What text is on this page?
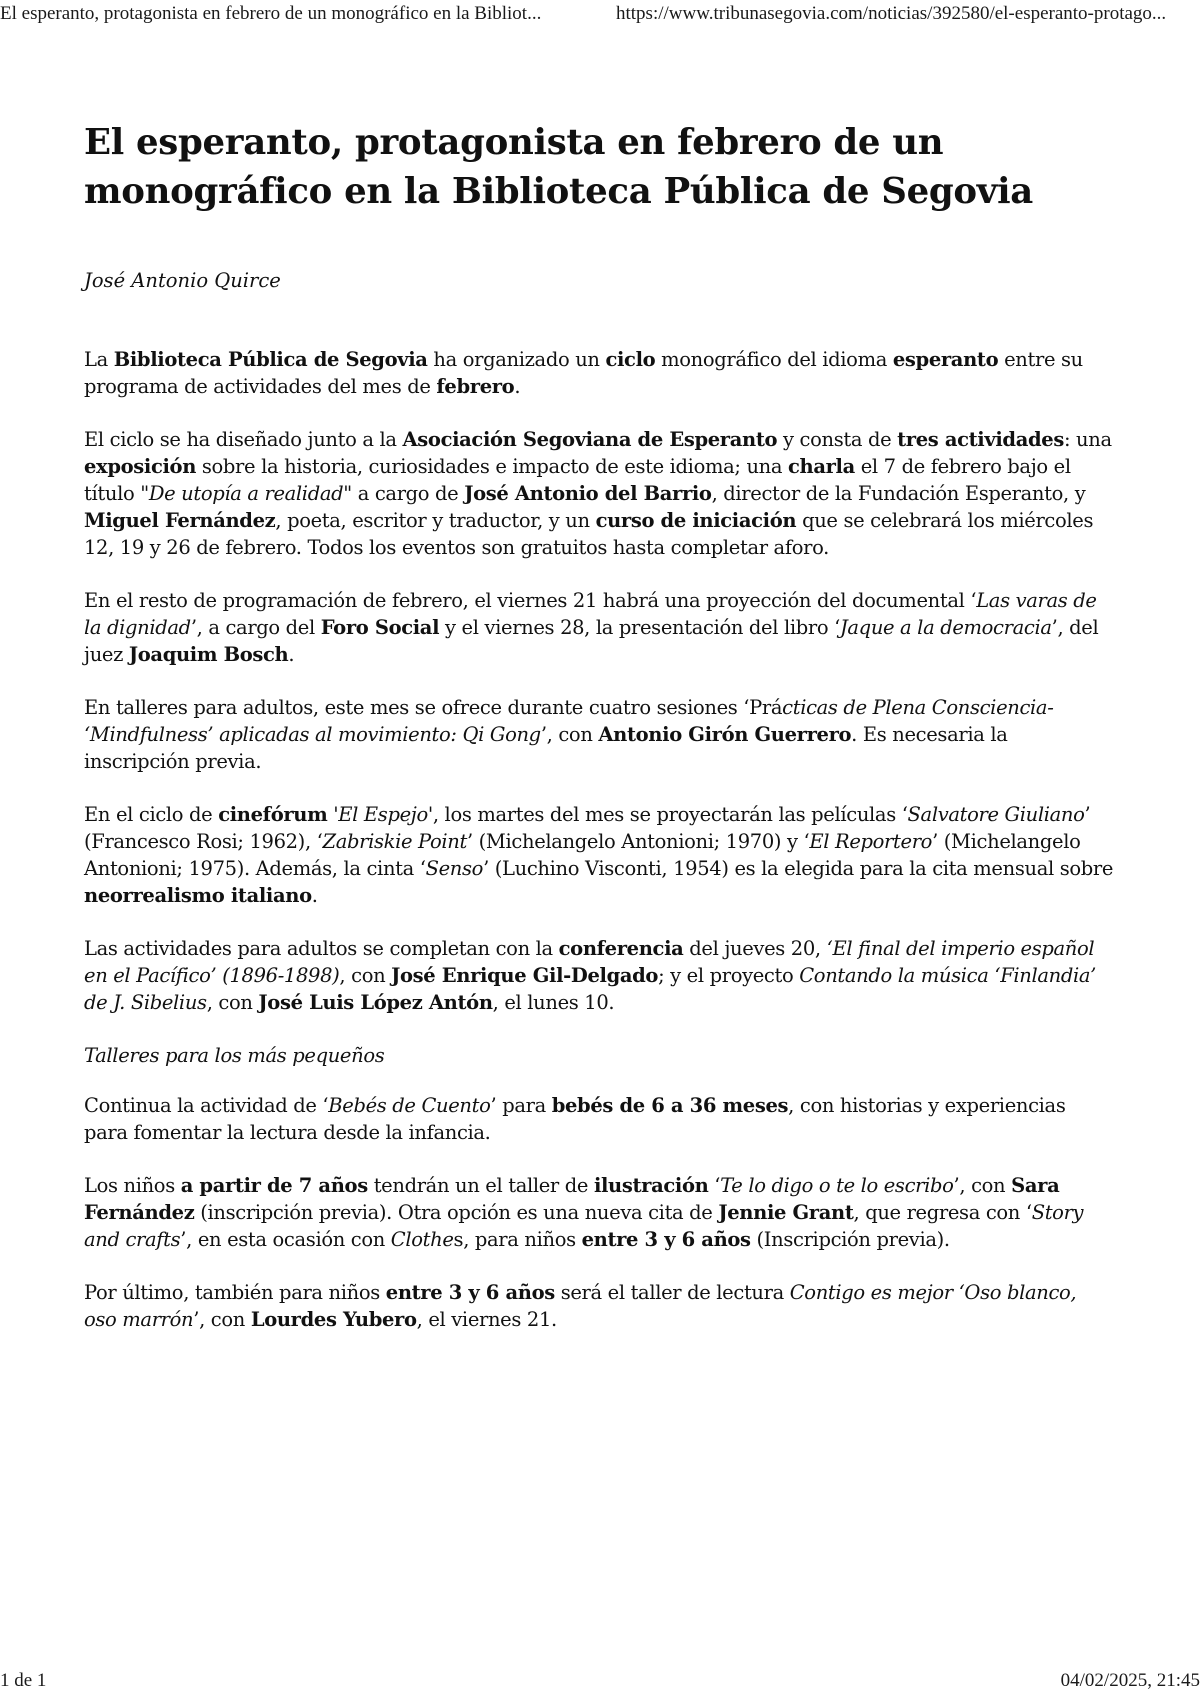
El esperanto, protagonista en febrero de un monográfico en la Bibliot...	https://www.tribunasegovia.com/noticias/392580/el-esperanto-protago...
El esperanto, protagonista en febrero de un monográfico en la Biblioteca Pública de Segovia
José Antonio Quirce

La Biblioteca Pública de Segovia ha organizado un ciclo monográfico del idioma esperanto entre su programa de actividades del mes de febrero.

El ciclo se ha diseñado junto a la Asociación Segoviana de Esperanto y consta de tres actividades: una exposición sobre la historia, curiosidades e impacto de este idioma; una charla el 7 de febrero bajo el título "De utopía a realidad" a cargo de José Antonio del Barrio, director de la Fundación Esperanto, y Miguel Fernández, poeta, escritor y traductor, y un curso de iniciación que se celebrará los miércoles 12, 19 y 26 de febrero. Todos los eventos son gratuitos hasta completar aforo.

En el resto de programación de febrero, el viernes 21 habrá una proyección del documental ‘Las varas de la dignidad’, a cargo del Foro Social y el viernes 28, la presentación del libro ‘Jaque a la democracia’, del juez Joaquim Bosch.

En talleres para adultos, este mes se ofrece durante cuatro sesiones ‘Prácticas de Plena Consciencia- ‘Mindfulness’ aplicadas al movimiento: Qi Gong’, con Antonio Girón Guerrero. Es necesaria la inscripción previa.

En el ciclo de cinefórum 'El Espejo', los martes del mes se proyectarán las películas ‘Salvatore Giuliano’ (Francesco Rosi; 1962), ‘Zabriskie Point’ (Michelangelo Antonioni; 1970) y ‘El Reportero’ (Michelangelo Antonioni; 1975). Además, la cinta ‘Senso’ (Luchino Visconti, 1954) es la elegida para la cita mensual sobre neorrealismo italiano.

Las actividades para adultos se completan con la conferencia del jueves 20, ‘El final del imperio español en el Pacífico’ (1896-1898), con José Enrique Gil-Delgado; y el proyecto Contando la música ‘Finlandia’ de J. Sibelius, con José Luis López Antón, el lunes 10.

Talleres para los más pequeños

Continua la actividad de ‘Bebés de Cuento’ para bebés de 6 a 36 meses, con historias y experiencias para fomentar la lectura desde la infancia.

Los niños a partir de 7 años tendrán un el taller de ilustración ‘Te lo digo o te lo escribo’, con Sara Fernández (inscripción previa). Otra opción es una nueva cita de Jennie Grant, que regresa con ‘Story and crafts’, en esta ocasión con Clothes, para niños entre 3 y 6 años (Inscripción previa).

Por último, también para niños entre 3 y 6 años será el taller de lectura Contigo es mejor ‘Oso blanco, oso marrón’, con Lourdes Yubero, el viernes 21.

1 de 1	04/02/2025, 21:45
